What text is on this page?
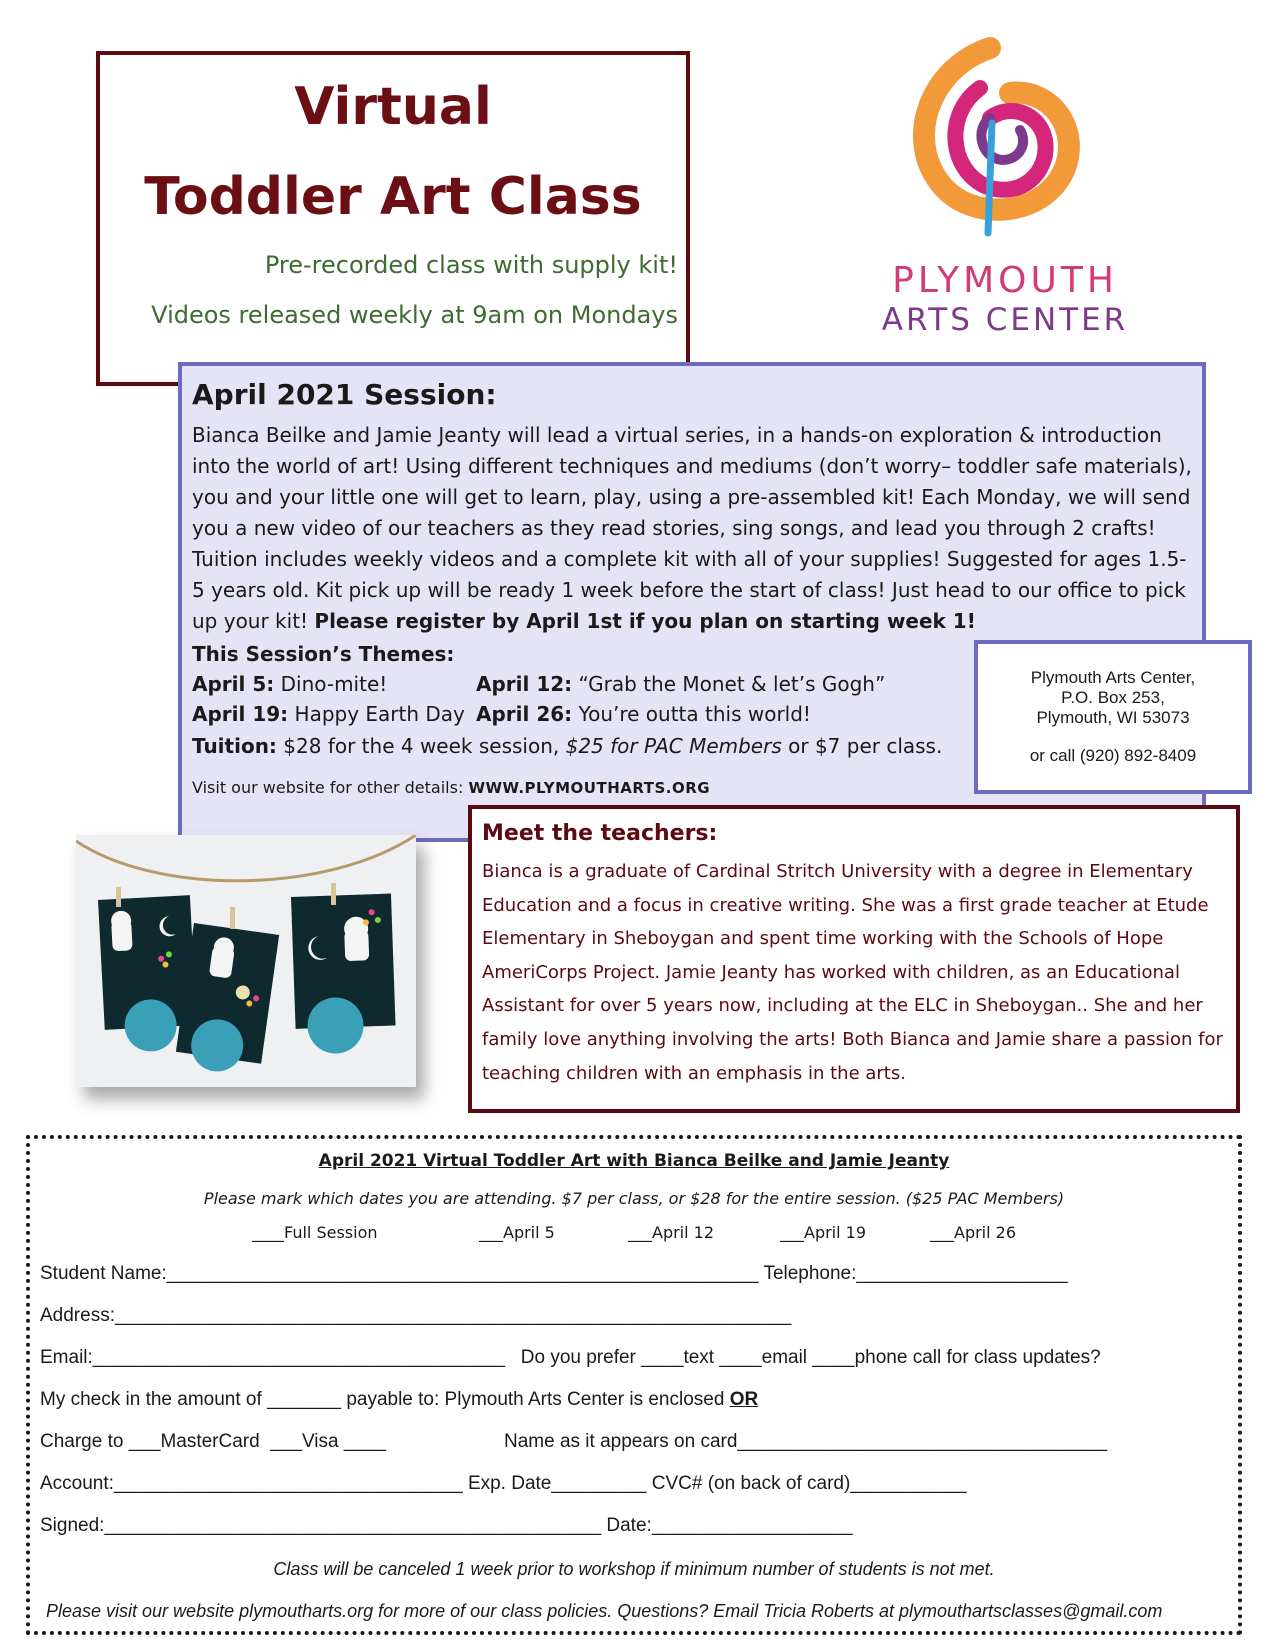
Virtual
Toddler Art Class
Pre-recorded class with supply kit!
Videos released weekly at 9am on Mondays
PLYMOUTH
ARTS CENTER
April 2021 Session:
Bianca Beilke and Jamie Jeanty will lead a virtual series, in a hands-on exploration & introduction into the world of art! Using different techniques and mediums (don’t worry– toddler safe materials), you and your little one will get to learn, play, using a pre-assembled kit! Each Monday, we will send you a new video of our teachers as they read stories, sing songs, and lead you through 2 crafts! Tuition includes weekly videos and a complete kit with all of your supplies! Suggested for ages 1.5-5 years old. Kit pick up will be ready 1 week before the start of class! Just head to our office to pick up your kit! Please register by April 1st if you plan on starting week 1!
This Session’s Themes:
April 5: Dino-mite!	April 12: “Grab the Monet & let’s Gogh”
April 19: Happy Earth Day April 26: You’re outta this world!
Tuition: $28 for the 4 week session, $25 for PAC Members or $7 per class.
Visit our website for other details: WWW.PLYMOUTHARTS.ORG
Plymouth Arts Center,
P.O. Box 253,
Plymouth, WI 53073
or call (920) 892-8409
Meet the teachers:
Bianca is a graduate of Cardinal Stritch University with a degree in Elementary Education and a focus in creative writing. She was a first grade teacher at Etude Elementary in Sheboygan and spent time working with the Schools of Hope AmeriCorps Project. Jamie Jeanty has worked with children, as an Educational Assistant for over 5 years now, including at the ELC in Sheboygan.. She and her family love anything involving the arts! Both Bianca and Jamie share a passion for teaching children with an emphasis in the arts.
April 2021 Virtual Toddler Art with Bianca Beilke and Jamie Jeanty
Please mark which dates you are attending. $7 per class, or $28 for the entire session. ($25 PAC Members)
____Full Session	___April 5	___April 12	___April 19	___April 26
Student Name:________________________________________________________ Telephone:____________________
Address:________________________________________________________________
Email:_______________________________________ Do you prefer ____text ____email ____phone call for class updates?
My check in the amount of _______ payable to: Plymouth Arts Center is enclosed OR
Charge to ___MasterCard ___Visa ____	Name as it appears on card___________________________________
Account:_________________________________ Exp. Date_________ CVC# (on back of card)___________
Signed:_______________________________________________ Date:___________________
Class will be canceled 1 week prior to workshop if minimum number of students is not met.
Please visit our website plymoutharts.org for more of our class policies. Questions? Email Tricia Roberts at plymouthartsclasses@gmail.com
